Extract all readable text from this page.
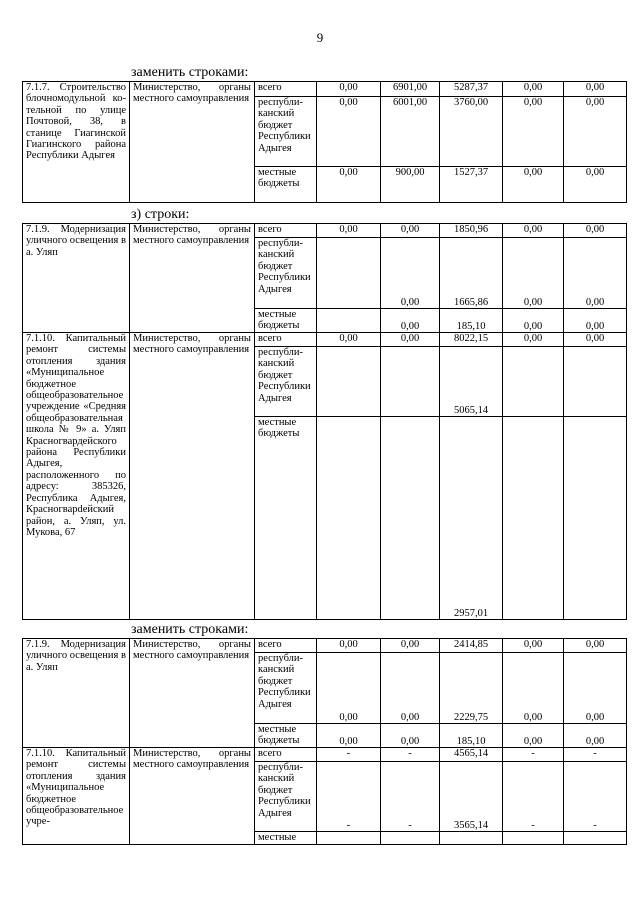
9
заменить строками:
7.1.7. Строительство блочномодульной котельной по улице Почтовой, 38, в станице Гиагинской Гиагинского района Республики Адыгея	Министерство, органы местного самоуправления	всего	0,00	6901,00	5287,37	0,00	0,00
		республиканский бюджет Республики Адыгея	0,00	6001,00	3760,00	0,00	0,00
		местные бюджеты	0,00	900,00	1527,37	0,00	0,00
з) строки:
7.1.9. Модернизация уличного освещения в а. Уляп	Министерство, органы местного самоуправления	всего	0,00	0,00	1850,96	0,00	0,00
		республиканский бюджет Республики Адыгея		0,00	1665,86	0,00	0,00
		местные бюджеты		0,00	185,10	0,00	0,00
7.1.10. Капитальный ремонт системы отопления здания «Муниципальное бюджетное общеобразовательное учреждение «Средняя общеобразовательная школа № 9» а. Уляп Красногвардейского района Республики Адыгея, расположенного по адресу: 385326, Республика Адыгея, Красногварdейский район, а. Уляп, ул. Мукова, 67	Министерство, органы местного самоуправления	всего	0,00	0,00	8022,15	0,00	0,00
		республиканский бюджет Республики Адыгея			5065,14		
		местные бюджеты			2957,01		
заменить строками:
7.1.9. Модернизация уличного освещения в а. Уляп	Министерство, органы местного самоуправления	всего	0,00	0,00	2414,85	0,00	0,00
		республиканский бюджет Республики Адыгея	0,00	0,00	2229,75	0,00	0,00
		местные бюджеты	0,00	0,00	185,10	0,00	0,00
7.1.10. Капитальный ремонт системы отопления здания «Муниципальное бюджетное общеобразовательное учре-	Министерство, органы местного самоуправления	всего	-	-	4565,14	-	-
		республиканский бюджет Республики Адыгея	-	-	3565,14	-	-
		местные					
